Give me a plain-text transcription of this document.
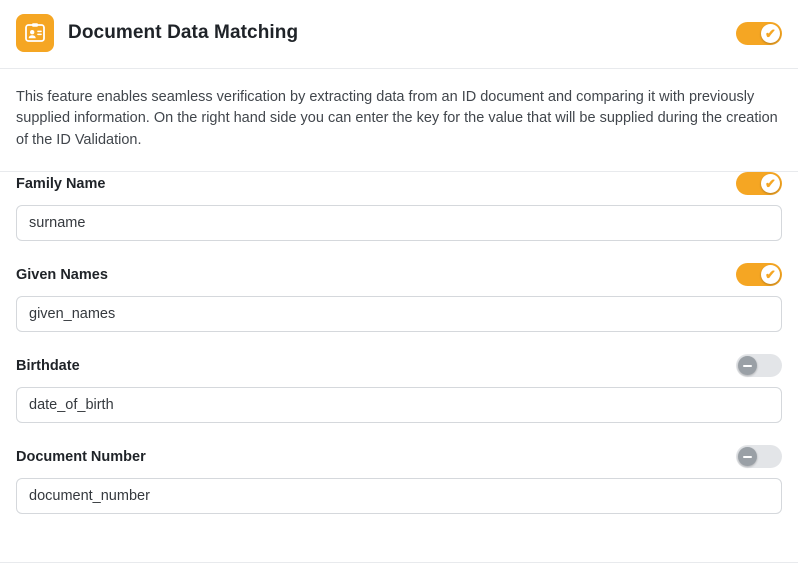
Document Data Matching	✔
This feature enables seamless verification by extracting data from an ID document and comparing it with previously supplied information. On the right hand side you can enter the key for the value that will be supplied during the creation of the ID Validation.
Family Name	✔
surname
Given Names	✔
given_names
Birthdate
date_of_birth
Document Number
document_number
